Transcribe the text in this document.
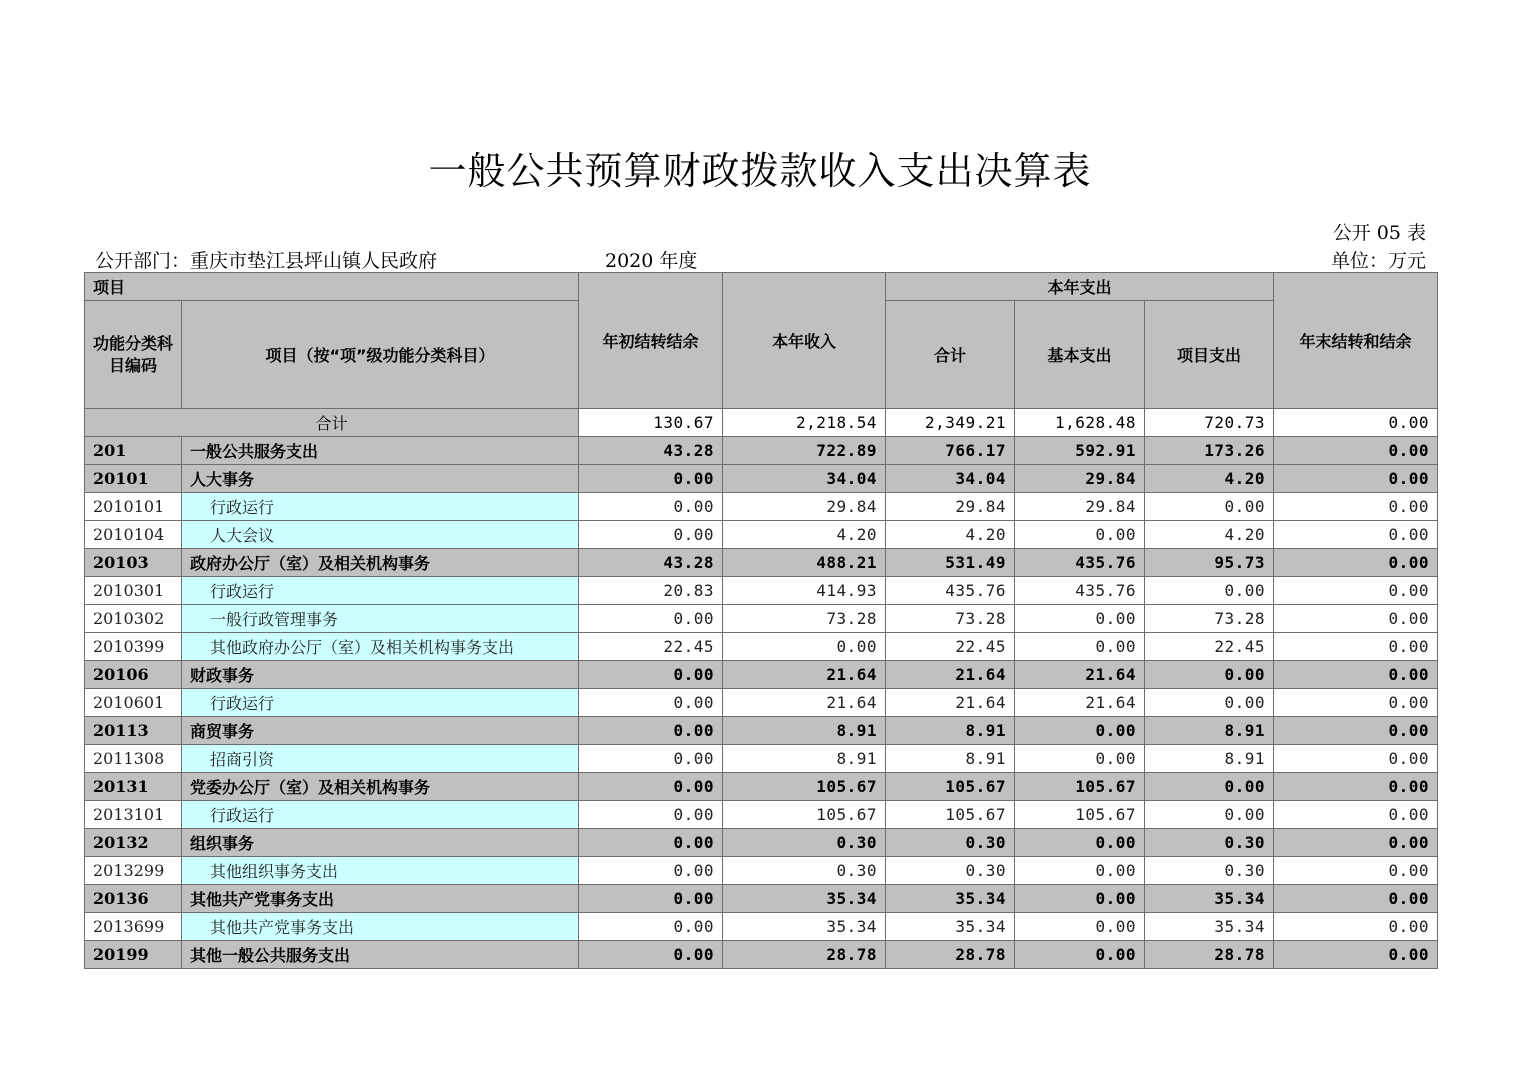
一般公共预算财政拨款收入支出决算表
公开 05 表
公开部门：重庆市垫江县坪山镇人民政府	2020 年度	单位：万元
项目		年初结转结余	本年收入	本年支出			年末结转和结余
功能分类科目编码	项目（按“项”级功能分类科目）			合计	基本支出	项目支出	
合计		130.67	2,218.54	2,349.21	1,628.48	720.73	0.00
201	一般公共服务支出	43.28	722.89	766.17	592.91	173.26	0.00
20101	人大事务	0.00	34.04	34.04	29.84	4.20	0.00
2010101	行政运行	0.00	29.84	29.84	29.84	0.00	0.00
2010104	人大会议	0.00	4.20	4.20	0.00	4.20	0.00
20103	政府办公厅（室）及相关机构事务	43.28	488.21	531.49	435.76	95.73	0.00
2010301	行政运行	20.83	414.93	435.76	435.76	0.00	0.00
2010302	一般行政管理事务	0.00	73.28	73.28	0.00	73.28	0.00
2010399	其他政府办公厅（室）及相关机构事务支出	22.45	0.00	22.45	0.00	22.45	0.00
20106	财政事务	0.00	21.64	21.64	21.64	0.00	0.00
2010601	行政运行	0.00	21.64	21.64	21.64	0.00	0.00
20113	商贸事务	0.00	8.91	8.91	0.00	8.91	0.00
2011308	招商引资	0.00	8.91	8.91	0.00	8.91	0.00
20131	党委办公厅（室）及相关机构事务	0.00	105.67	105.67	105.67	0.00	0.00
2013101	行政运行	0.00	105.67	105.67	105.67	0.00	0.00
20132	组织事务	0.00	0.30	0.30	0.00	0.30	0.00
2013299	其他组织事务支出	0.00	0.30	0.30	0.00	0.30	0.00
20136	其他共产党事务支出	0.00	35.34	35.34	0.00	35.34	0.00
2013699	其他共产党事务支出	0.00	35.34	35.34	0.00	35.34	0.00
20199	其他一般公共服务支出	0.00	28.78	28.78	0.00	28.78	0.00
